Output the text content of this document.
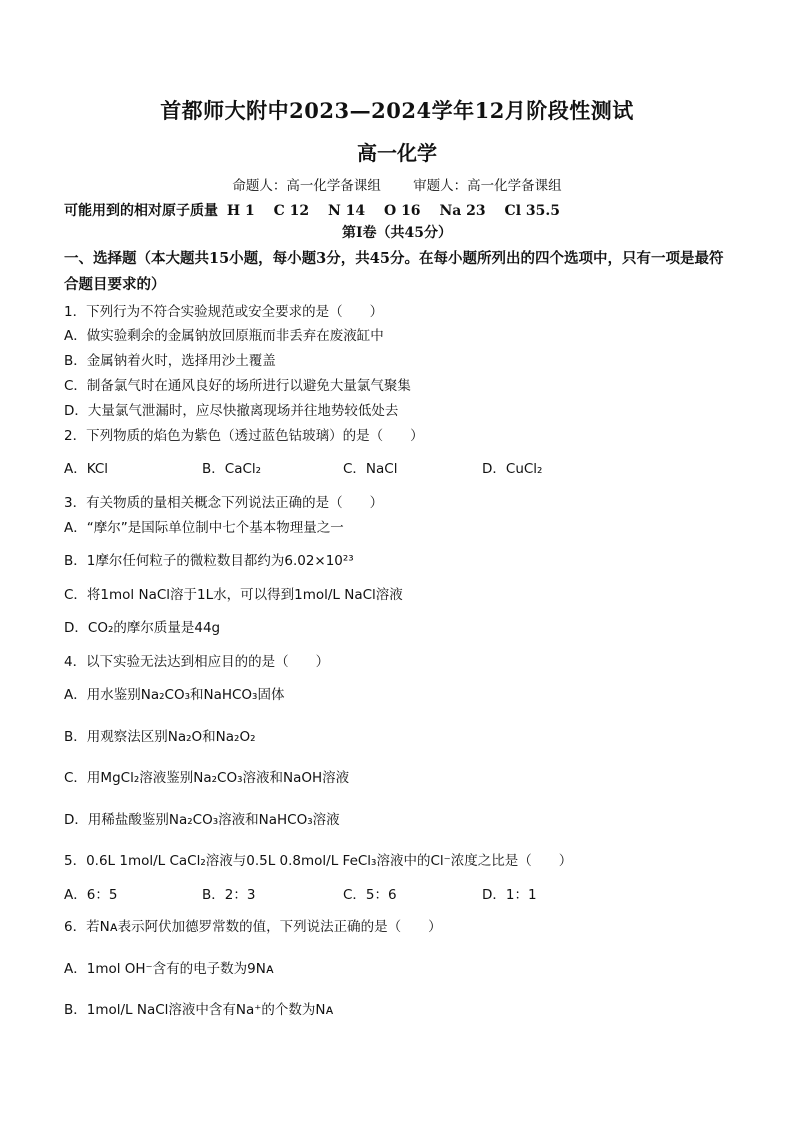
首都师大附中2023—2024学年12月阶段性测试
高一化学
命题人：高一化学备课组 审题人：高一化学备课组
可能用到的相对原子质量 H 1 C 12 N 14 O 16 Na 23 Cl 35.5
第Ⅰ卷（共45分）
一、选择题（本大题共15小题，每小题3分，共45分。在每小题所列出的四个选项中，只有一项是最符合题目要求的）
1．下列行为不符合实验规范或安全要求的是（　　）
A．做实验剩余的金属钠放回原瓶而非丢弃在废液缸中
B．金属钠着火时，选择用沙土覆盖
C．制备氯气时在通风良好的场所进行以避免大量氯气聚集
D．大量氯气泄漏时，应尽快撤离现场并往地势较低处去
2．下列物质的焰色为紫色（透过蓝色钴玻璃）的是（　　）
A．KCl	B．CaCl₂	C．NaCl	D．CuCl₂
3．有关物质的量相关概念下列说法正确的是（　　）
A．“摩尔”是国际单位制中七个基本物理量之一
B．1摩尔任何粒子的微粒数目都约为6.02×10²³
C．将1mol NaCl溶于1L水，可以得到1mol/L NaCl溶液
D．CO₂的摩尔质量是44g
4．以下实验无法达到相应目的的是（　　）
A．用水鉴别Na₂CO₃和NaHCO₃固体
B．用观察法区别Na₂O和Na₂O₂
C．用MgCl₂溶液鉴别Na₂CO₃溶液和NaOH溶液
D．用稀盐酸鉴别Na₂CO₃溶液和NaHCO₃溶液
5．0.6L 1mol/L CaCl₂溶液与0.5L 0.8mol/L FeCl₃溶液中的Cl⁻浓度之比是（　　）
A．6：5	B．2：3	C．5：6	D．1：1
6．若Nᴀ表示阿伏加德罗常数的值，下列说法正确的是（　　）
A．1mol OH⁻含有的电子数为9Nᴀ
B．1mol/L NaCl溶液中含有Na⁺的个数为Nᴀ
